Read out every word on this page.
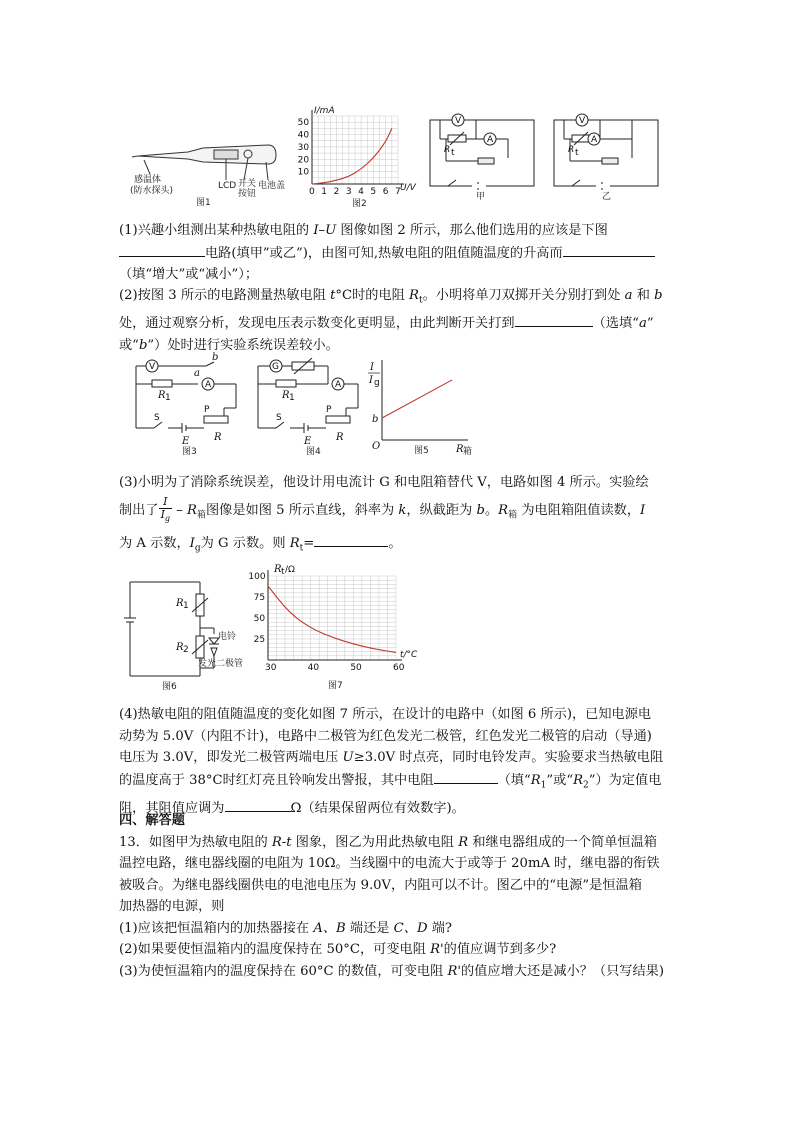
感温体
(防水探头)	LCD 开关
按钮
电池盖
图1
0 1 2 3 4 5 6 7
10
20
30
40
50
I/mA
U/V
图2
V
A
R t
甲
V
A
R t
乙
(1)兴趣小组测出某种热敏电阻的 I–U 图像如图 2 所示，那么他们选用的应该是下图
电路(填甲”或乙”)，由图可知,热敏电阻的阻值随温度的升高而
（填“增大”或“减小”）；
(2)按图 3 所示的电路测量热敏电阻 t°C时的电阻 $R_t$。小明将单刀双掷开关分别打到处 a 和 b
处，通过观察分析，发现电压表示数变化更明显，由此判断开关打到	（选填“a”
或“b”）处时进行实验系统误差较小。
V
A
R 1
b
a
S
E
P
R
图3
G
A
R 1
S
E
P
R
图4
I
I g
b
O	R 箱
图5
(3)小明为了消除系统误差，他设计用电流计 G 和电阻箱替代 V，电路如图 4 所示。实验绘
制出了 $\frac{I}{I_g} - R_箱$图像是如图 5 所示直线，斜率为 k，纵截距为 b。$R_箱$ 为电阻箱阻值读数，I
为 A 示数，$I_g$为 G 示数。则 $R_t=$	。
R 1
R 2
电铃
发光二极管
图6
30	40	50	60
25
50
75
100
R t /Ω
t/°C
图7
(4)热敏电阻的阻值随温度的变化如图 7 所示，在设计的电路中（如图 6 所示)，已知电源电
动势为 5.0V（内阻不计)，电路中二极管为红色发光二极管，红色发光二极管的启动（导通)
电压为 3.0V，即发光二极管两端电压 U≥3.0V 时点亮，同时电铃发声。实验要求当热敏电阻
的温度高于 38°C时红灯亮且铃响发出警报，其中电阻	（填“$R_1$”或“$R_2$”）为定值电
阻，其阻值应调为	Ω（结果保留两位有效数字)。
四、解答题
13．如图甲为热敏电阻的 R-t 图象，图乙为用此热敏电阻 R 和继电器组成的一个简单恒温箱
温控电路，继电器线圈的电阻为 10Ω。当线圈中的电流大于或等于 20mA 时，继电器的衔铁
被吸合。为继电器线圈供电的电池电压为 9.0V，内阻可以不计。图乙中的“电源”是恒温箱
加热器的电源，则
(1)应该把恒温箱内的加热器接在 A、B 端还是 C、D 端?
(2)如果要使恒温箱内的温度保持在 50°C，可变电阻 R'的值应调节到多少?
(3)为使恒温箱内的温度保持在 60°C 的数值，可变电阻 R'的值应增大还是减小？（只写结果)
